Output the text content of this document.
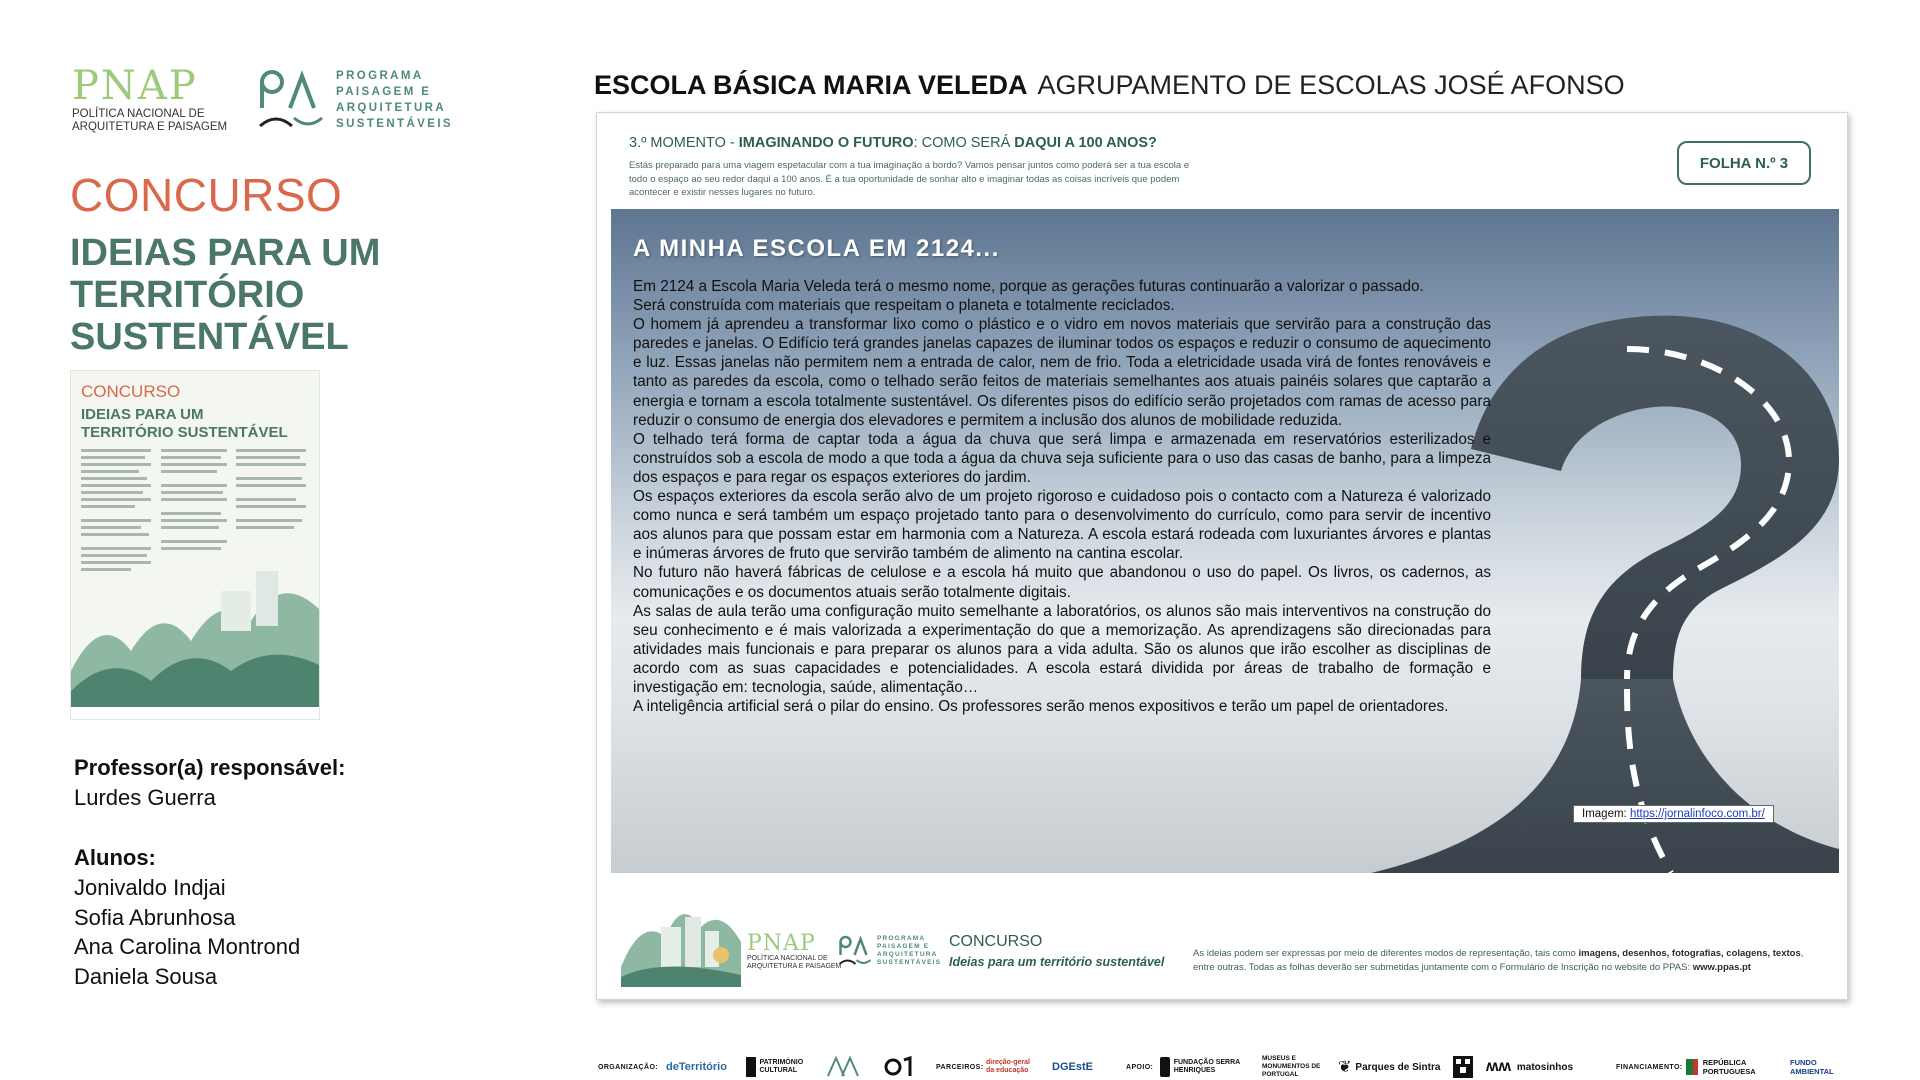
PNAP
POLÍTICA NACIONAL DE
ARQUITETURA E PAISAGEM
PROGRAMA
PAISAGEM E
ARQUITETURA
SUSTENTÁVEIS
CONCURSO
IDEIAS PARA UM
TERRITÓRIO
SUSTENTÁVEL
CONCURSO
IDEIAS PARA UM
TERRITÓRIO SUSTENTÁVEL
Professor(a) responsável:
Lurdes Guerra
Alunos:
Jonivaldo Indjai
Sofia Abrunhosa
Ana Carolina Montrond
Daniela Sousa
ESCOLA BÁSICA MARIA VELEDA AGRUPAMENTO DE ESCOLAS JOSÉ AFONSO
3.º MOMENTO - IMAGINANDO O FUTURO: COMO SERÁ DAQUI A 100 ANOS?
Estás preparado para uma viagem espetacular com a tua imaginação a bordo? Vamos pensar juntos como poderá ser a tua escola e todo o espaço ao seu redor daqui a 100 anos. É a tua oportunidade de sonhar alto e imaginar todas as coisas incríveis que podem acontecer e existir nesses lugares no futuro.
FOLHA N.º 3
A MINHA ESCOLA EM 2124...

Em 2124 a Escola Maria Veleda terá o mesmo nome, porque as gerações futuras continuarão a valorizar o passado.

Será construída com materiais que respeitam o planeta e totalmente reciclados.

O homem já aprendeu a transformar lixo como o plástico e o vidro em novos materiais que servirão para a construção das paredes e janelas. O Edifício terá grandes janelas capazes de iluminar todos os espaços e reduzir o consumo de aquecimento e luz. Essas janelas não permitem nem a entrada de calor, nem de frio. Toda a eletricidade usada virá de fontes renováveis e tanto as paredes da escola, como o telhado serão feitos de materiais semelhantes aos atuais painéis solares que captarão a energia e tornam a escola totalmente sustentável. Os diferentes pisos do edifício serão projetados com ramas de acesso para reduzir o consumo de energia dos elevadores e permitem a inclusão dos alunos de mobilidade reduzida.

O telhado terá forma de captar toda a água da chuva que será limpa e armazenada em reservatórios esterilizados e construídos sob a escola de modo a que toda a água da chuva seja suficiente para o uso das casas de banho, para a limpeza dos espaços e para regar os espaços exteriores do jardim.

Os espaços exteriores da escola serão alvo de um projeto rigoroso e cuidadoso pois o contacto com a Natureza é valorizado como nunca e será também um espaço projetado tanto para o desenvolvimento do currículo, como para servir de incentivo aos alunos para que possam estar em harmonia com a Natureza. A escola estará rodeada com luxuriantes árvores e plantas e inúmeras árvores de fruto que servirão também de alimento na cantina escolar.

No futuro não haverá fábricas de celulose e a escola há muito que abandonou o uso do papel. Os livros, os cadernos, as comunicações e os documentos atuais serão totalmente digitais.

As salas de aula terão uma configuração muito semelhante a laboratórios, os alunos são mais interventivos na construção do seu conhecimento e é mais valorizada a experimentação do que a memorização. As aprendizagens são direcionadas para atividades mais funcionais e para preparar os alunos para a vida adulta. São os alunos que irão escolher as disciplinas de acordo com as suas capacidades e potencialidades. A escola estará dividida por áreas de trabalho de formação e investigação em: tecnologia, saúde, alimentação…

A inteligência artificial será o pilar do ensino. Os professores serão menos expositivos e terão um papel de orientadores.

Imagem: https://jornalinfoco.com.br/
PNAP
POLÍTICA NACIONAL DE
ARQUITETURA E PAISAGEM
PROGRAMA
PAISAGEM E
ARQUITETURA
SUSTENTÁVEIS
CONCURSO
Ideias para um território sustentável
As ideias podem ser expressas por meio de diferentes modos de representação, tais como imagens, desenhos, fotografias, colagens, textos, entre outras. Todas as folhas deverão ser submetidas juntamente com o Formulário de Inscrição no website do PPAS: www.ppas.pt
ORGANIZAÇÃO: deTerritório	PATRIMÓNIO CULTURAL	PARCEIROS:
direção-geral da educação	DGEstE	APOIO:
FUNDAÇÃO SERRA HENRIQUES
MUSEUS E MONUMENTOS DE PORTUGAL	❦ Parques de Sintra	ʍʍ matosinhos	FINANCIAMENTO:	REPÚBLICA PORTUGUESA
FUNDO AMBIENTAL
